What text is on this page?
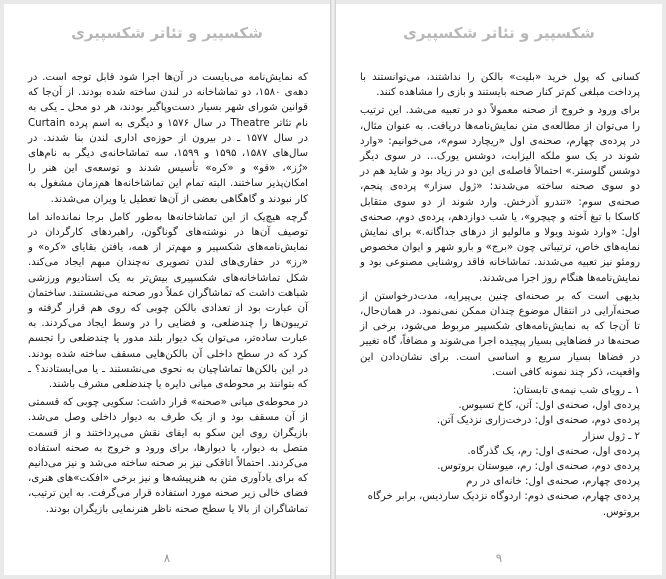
شکسپیر و تئاتر شکسپیری

که نمایش‌نامه می‌بایست در آن‌ها اجرا شود قابل توجه است. در دهه‌ی ۱۵۸۰، دو تماشاخانه در لندن ساخته شده بودند. از آن‌جا که قوانین شورای شهر بسیار دست‌وپاگیر بودند، هر دو محل ـ یکی به نام تئاتر Theatre در سال ۱۵۷۶ و دیگری به اسم پرده Curtain در سال ۱۵۷۷ ـ در بیرون از حوزه‌ی اداری لندن بنا شدند. در سال‌های ۱۵۸۷، ۱۵۹۵ و ۱۵۹۹، سه تماشاخانه‌ی دیگر به نام‌های «رُز»، «قو» و «کره» تأسیس شدند و توسعه‌ی این هنر را امکان‌پذیر ساختند. البته تمام این تماشاخانه‌ها هم‌زمان مشغول به کار نبودند و گاهگاهی بعضی از آن‌ها تعطیل یا ویران می‌شدند.

گرچه هیچ‌یک از این تماشاخانه‌ها به‌طور کامل برجا نمانده‌اند اما توصیف آن‌ها در نوشته‌های گوناگون، راهبردهای کارگردان در نمایش‌نامه‌های شکسپیر و مهم‌تر از همه، یافتن بقایای «کره» و «رز» در حفاری‌های لندن تصویری نه‌چندان مبهم ایجاد می‌کند. شکل تماشاخانه‌های شکسپیری بیش‌تر به یک استادیوم ورزشی شباهت داشت که تماشاگران عملاً دور صحنه می‌نشستند. ساختمان آن عبارت بود از تعدادی بالکن چوبی که روی هم قرار گرفته و تریبون‌ها را چندضلعی، و فضایی را در وسط ایجاد می‌کردند. به عبارت ساده‌تر، می‌توان یک دیوار بلند مدور یا چندضلعی را تجسم کرد که در سطح داخلی آن بالکن‌هایی مسقف ساخته شده بودند. در این بالکن‌ها تماشاچیان به نحوی می‌نشستند ـ یا می‌ایستادند؟ ـ که بتوانند بر محوطه‌ی میانی دایره یا چندضلعی مشرف باشند.

در محوطه‌ی میانی «صحنه» قرار داشت: سکویی چوبی که قسمتی از آن مسقف بود و از یک طرف به دیوار داخلی وصل می‌شد. بازیگران روی این سکو به ایفای نقش می‌پرداختند و از قسمت متصل به دیوار، یا دیوارها، برای ورود و خروج به صحنه استفاده می‌کردند. احتمالاً اتاقکی نیز بر صحنه ساخته می‌شد و نیز می‌دانیم که برای یادآوری متن به هنرپیشه‌ها و نیز برخی «افکت»های هنری، فضای خالی زیر صحنه مورد استفاده قرار می‌گرفت. به این ترتیب، تماشاگران از بالا یا سطح صحنه ناظر هنرنمایی بازیگران بودند.

۸
شکسپیر و تئاتر شکسپیری

کسانی که پول خرید «بلیت» بالکن را نداشتند، می‌توانستند با پرداخت مبلغی کم‌تر کنار صحنه بایستند و بازی را مشاهده کنند.

برای ورود و خروج از صحنه معمولاً دو در تعبیه می‌شد. این ترتیب را می‌توان از مطالعه‌ی متن نمایش‌نامه‌ها دریافت. به عنوان مثال، در پرده‌ی چهارم، صحنه‌ی اول «ریچارد سوم»، می‌خوانیم: «وارد شوند در یک سو ملکه الیزابت، دوشس یورک… در سوی دیگر دوشس گلوستر.» احتمالاً فاصله‌ی این دو در زیاد بود و شاید هم در دو سوی صحنه ساخته می‌شدند: «ژول سزار» پرده‌ی پنجم، صحنه‌ی سوم: «تندرو آذرخش. وارد شوند از دو سوی متقابل کاسکا با تیغ آخته و چیچرو»، یا شب دوازدهم، پرده‌ی دوم، صحنه‌ی اول: «وارد شوند ویولا و مالولیو از درهای جداگانه.» برای نمایش نمایه‌های خاص، ترتیباتی چون «برج» و بارو شهر و ایوان مخصوص رومئو نیز تعبیه می‌شدند. تماشاخانه فاقد روشنایی مصنوعی بود و نمایش‌نامه‌ها هنگام روز اجرا می‌شدند.

بدیهی است که بر صحنه‌ای چنین بی‌پیرایه، مدت‌درخواستن از صحنه‌آرایی در انتقال موضوع چندان ممکن نمی‌نمود. در همان‌حال، تا آن‌جا که به نمایش‌نامه‌های شکسپیر مربوط می‌شود، برخی از صحنه‌ها در فضاهایی بسیار پیچیده اجرا می‌شوند و مضافاً، گاه تغییر در فضاها بسیار سریع و اساسی است. برای نشان‌دادن این واقعیت، ذکر چند نمونه کافی است.

۱ ـ رویای شب نیمه‌ی تابستان:

پرده‌ی اول، صحنه‌ی اول: آتن، کاخ تسیوس.

پرده‌ی دوم، صحنه‌ی اول: درخت‌زاری نزدیک آتن.

۲ ـ ژول سزار

پرده‌ی اول، صحنه‌ی اول: رم، یک گذرگاه.

پرده‌ی دوم، صحنه‌ی اول: رم، میوستان بروتوس.

پرده‌ی چهارم، صحنه‌ی اول: خانه‌ای در رم

پرده‌ی چهارم، صحنه‌ی دوم: اردوگاه نزدیک ساردیس، برابر خرگاه بروتوس.

۹
